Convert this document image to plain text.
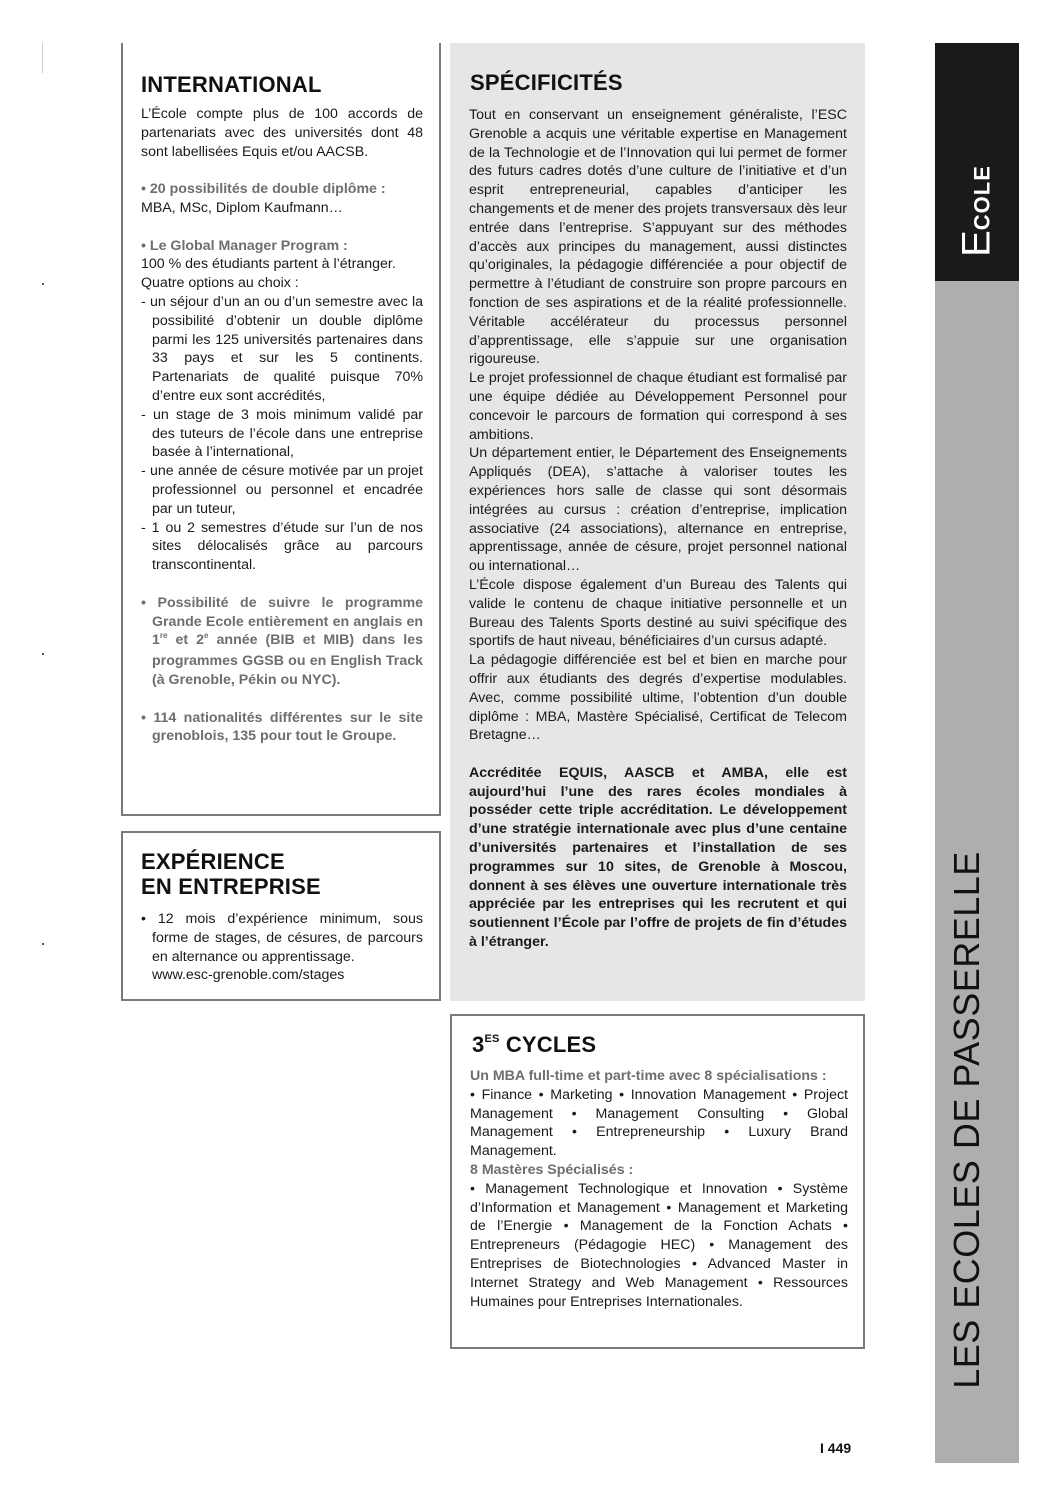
INTERNATIONAL

L’École compte plus de 100 accords de partenariats avec des universités dont 48 sont labellisées Equis et/ou AACSB.

• 20 possibilités de double diplôme :
MBA, MSc, Diplom Kaufmann…

• Le Global Manager Program :
100 % des étudiants partent à l’étranger.
Quatre options au choix :

- un séjour d’un an ou d’un semestre avec la possibilité d’obtenir un double diplôme parmi les 125 universités partenaires dans 33 pays et sur les 5 continents. Partenariats de qualité puisque 70% d’entre eux sont accrédités,

- un stage de 3 mois minimum validé par des tuteurs de l’école dans une entreprise basée à l’international,

- une année de césure motivée par un projet professionnel ou personnel et encadrée par un tuteur,

- 1 ou 2 semestres d’étude sur l’un de nos sites délocalisés grâce au parcours transcontinental.

• Possibilité de suivre le programme Grande Ecole entièrement en anglais en 1re et 2e année (BIB et MIB) dans les programmes GGSB ou en English Track (à Grenoble, Pékin ou NYC).

• 114 nationalités différentes sur le site grenoblois, 135 pour tout le Groupe.

EXPÉRIENCE
EN ENTREPRISE

• 12 mois d’expérience minimum, sous forme de stages, de césures, de parcours en alternance ou apprentissage.
www.esc-grenoble.com/stages

SPÉCIFICITÉS

Tout en conservant un enseignement généraliste, l’ESC Grenoble a acquis une véritable expertise en Management de la Technologie et de l’Innovation qui lui permet de former des futurs cadres dotés d’une culture de l’initiative et d’un esprit entrepreneurial, capables d’anticiper les changements et de mener des projets transversaux dès leur entrée dans l’entreprise. S’appuyant sur des méthodes d’accès aux principes du management, aussi distinctes qu’originales, la pédagogie différenciée a pour objectif de permettre à l’étudiant de construire son propre parcours en fonction de ses aspirations et de la réalité professionnelle. Véritable accélérateur du processus personnel d’apprentissage, elle s’appuie sur une organisation rigoureuse.

Le projet professionnel de chaque étudiant est formalisé par une équipe dédiée au Développement Personnel pour concevoir le parcours de formation qui correspond à ses ambitions.

Un département entier, le Département des Enseignements Appliqués (DEA), s’attache à valoriser toutes les expériences hors salle de classe qui sont désormais intégrées au cursus : création d’entreprise, implication associative (24 associations), alternance en entreprise, apprentissage, année de césure, projet personnel national ou international…

L’École dispose également d’un Bureau des Talents qui valide le contenu de chaque initiative personnelle et un Bureau des Talents Sports destiné au suivi spécifique des sportifs de haut niveau, bénéficiaires d’un cursus adapté.

La pédagogie différenciée est bel et bien en marche pour offrir aux étudiants des degrés d’expertise modulables. Avec, comme possibilité ultime, l’obtention d’un double diplôme : MBA, Mastère Spécialisé, Certificat de Telecom Bretagne…

Accréditée EQUIS, AASCB et AMBA, elle est aujourd’hui l’une des rares écoles mondiales à posséder cette triple accréditation. Le développement d’une stratégie internationale avec plus d’une centaine d’universités partenaires et l’installation de ses programmes sur 10 sites, de Grenoble à Moscou, donnent à ses élèves une ouverture internationale très appréciée par les entreprises qui les recrutent et qui soutiennent l’École par l’offre de projets de fin d’études à l’étranger.

$3^{ES}$ CYCLES

Un MBA full-time et part-time avec 8 spécialisations :

• Finance • Marketing • Innovation Management • Project Management • Management Consulting • Global Management • Entrepreneurship • Luxury Brand Management.

8 Mastères Spécialisés :

• Management Technologique et Innovation • Système d’Information et Management • Management et Marketing de l’Energie • Management de la Fonction Achats • Entrepreneurs (Pédagogie HEC) • Management des Entreprises de Biotechnologies • Advanced Master in Internet Strategy and Web Management • Ressources Humaines pour Entreprises Internationales.

I 449
ECOLE
LES ECOLES DE PASSERELLE
